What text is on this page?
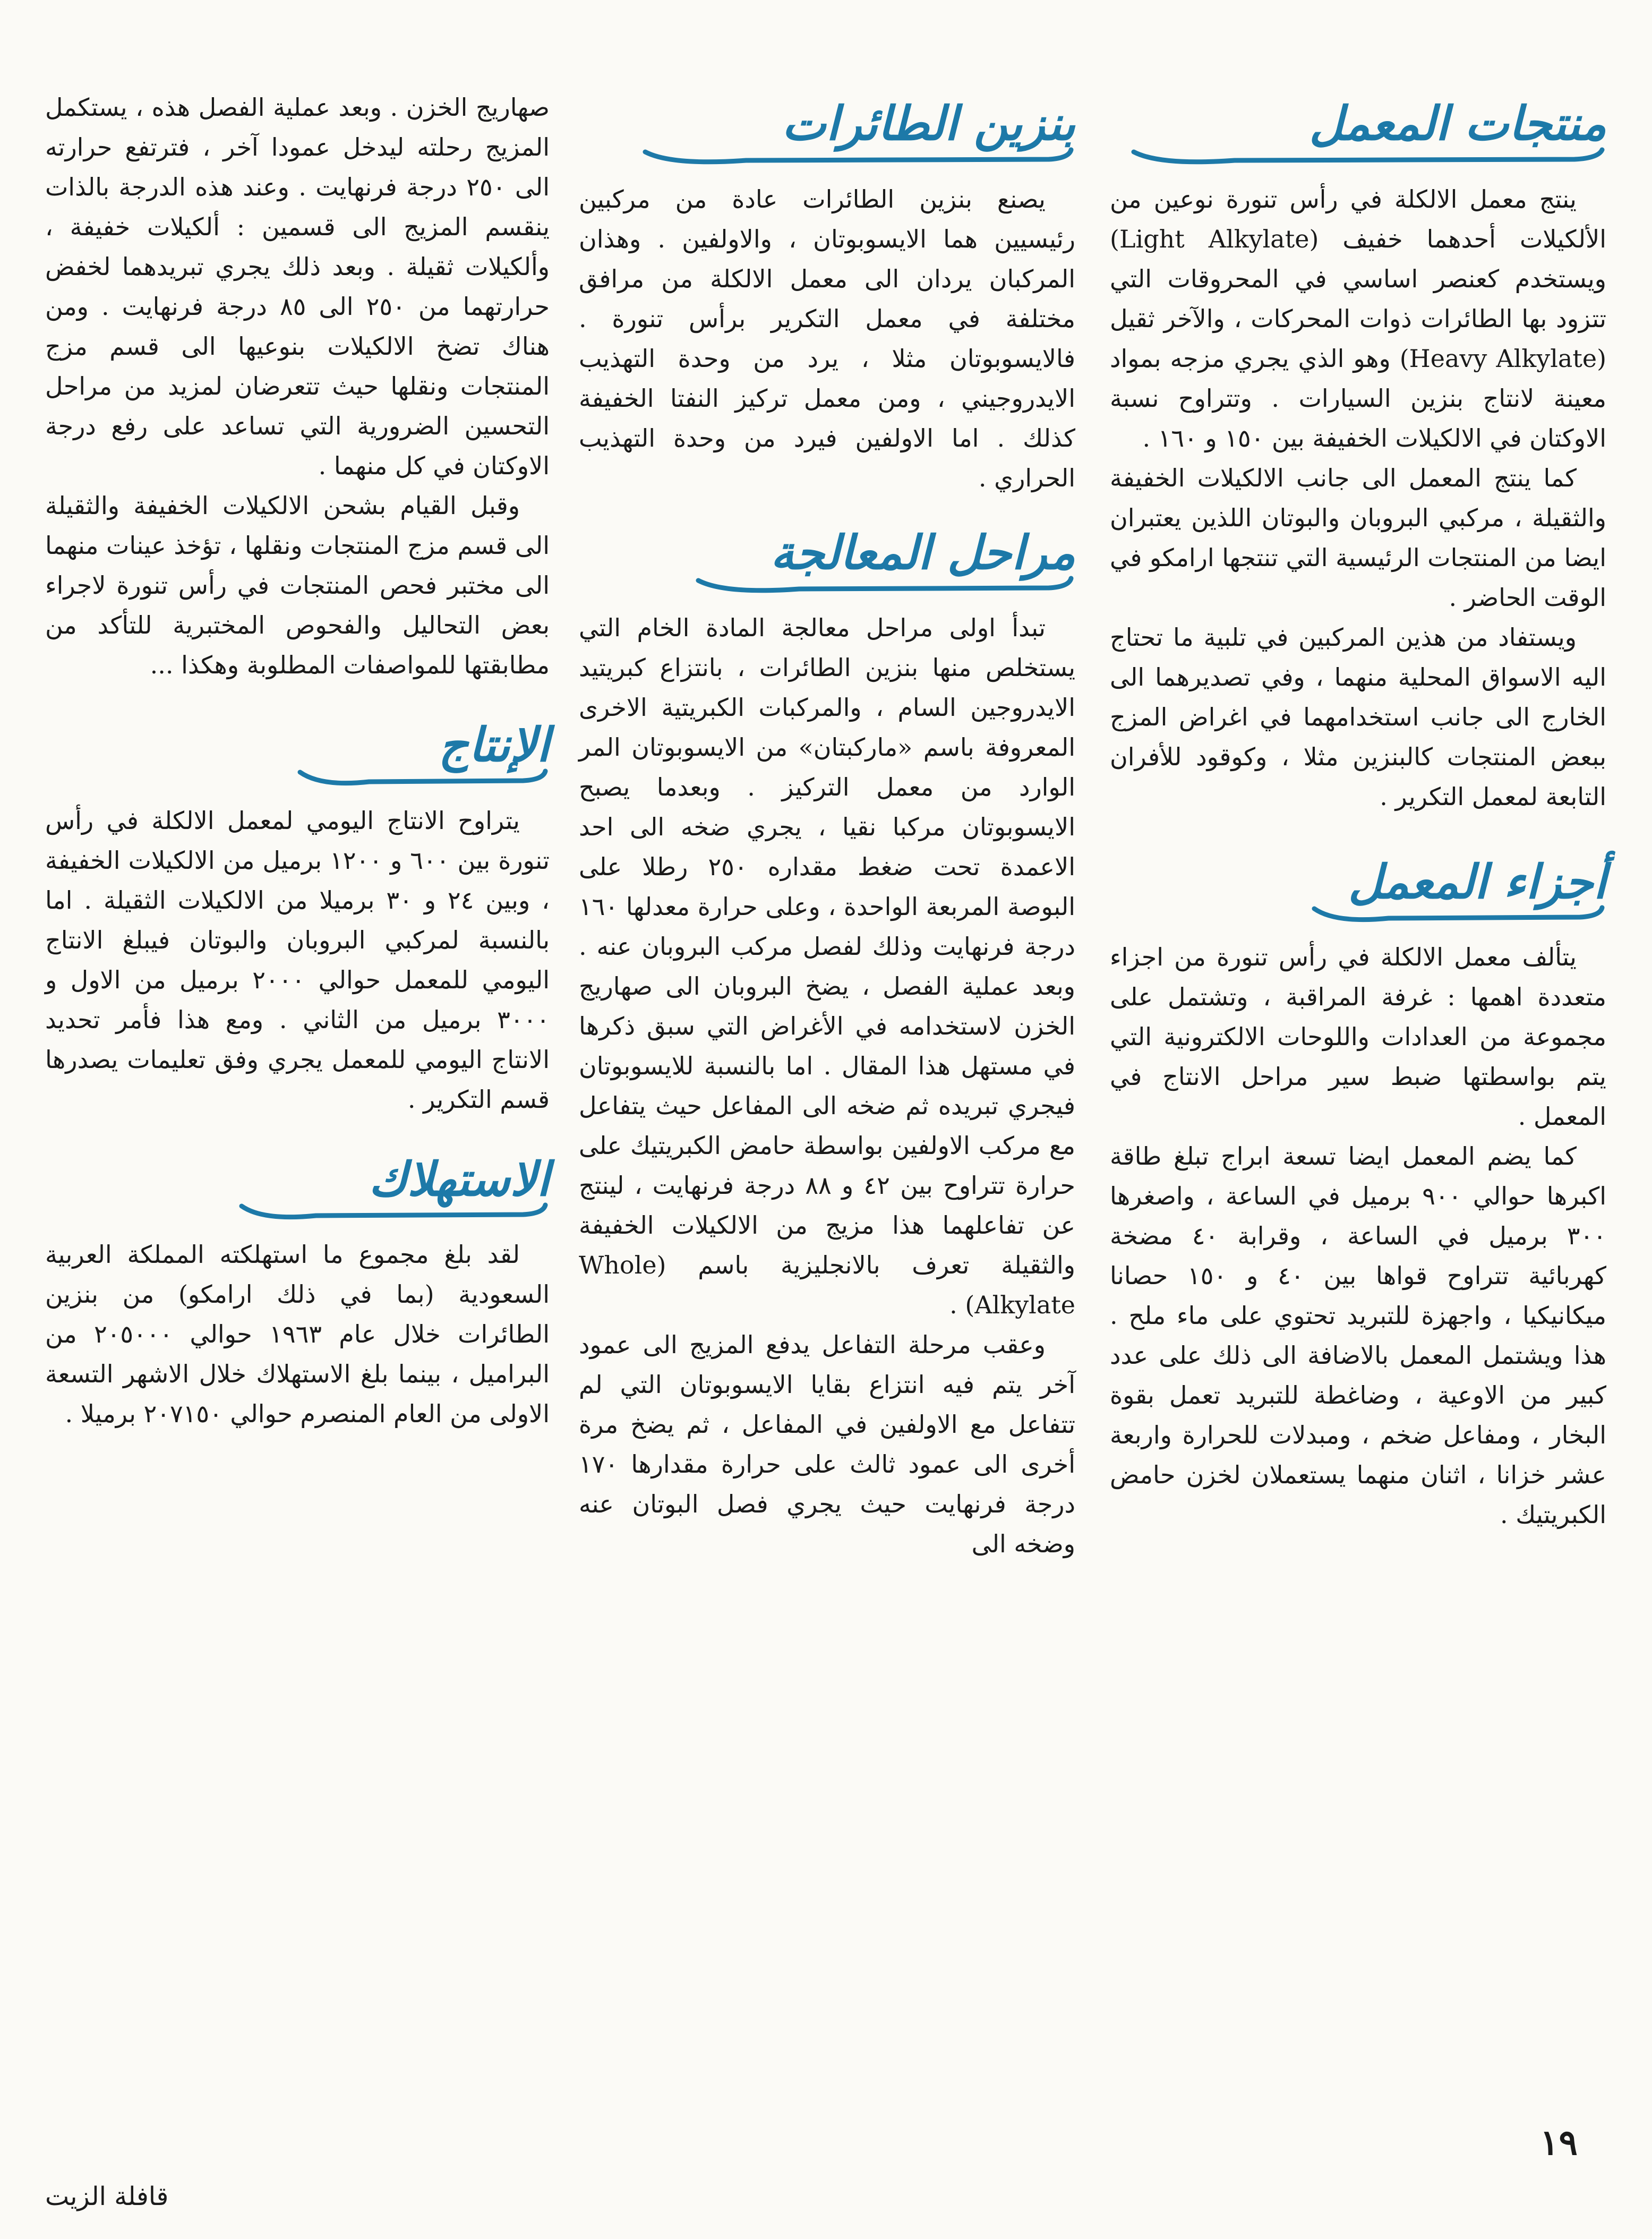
منتجات المعمل

ينتج معمل الالكلة في رأس تنورة نوعين من الألكيلات أحدهما خفيف (Light Alkylate) ويستخدم كعنصر اساسي في المحروقات التي تتزود بها الطائرات ذوات المحركات ، والآخر ثقيل (Heavy Alkylate) وهو الذي يجري مزجه بمواد معينة لانتاج بنزين السيارات . وتتراوح نسبة الاوكتان في الالكيلات الخفيفة بين ١٥٠ و ١٦٠ .

كما ينتج المعمل الى جانب الالكيلات الخفيفة والثقيلة ، مركبي البروبان والبوتان اللذين يعتبران ايضا من المنتجات الرئيسية التي تنتجها ارامكو في الوقت الحاضر .

ويستفاد من هذين المركبين في تلبية ما تحتاج اليه الاسواق المحلية منهما ، وفي تصديرهما الى الخارج الى جانب استخدامهما في اغراض المزج ببعض المنتجات كالبنزين مثلا ، وكوقود للأفران التابعة لمعمل التكرير .

أجزاء المعمل

يتألف معمل الالكلة في رأس تنورة من اجزاء متعددة اهمها : غرفة المراقبة ، وتشتمل على مجموعة من العدادات واللوحات الالكترونية التي يتم بواسطتها ضبط سير مراحل الانتاج في المعمل .

كما يضم المعمل ايضا تسعة ابراج تبلغ طاقة اكبرها حوالي ٩٠٠ برميل في الساعة ، واصغرها ٣٠٠ برميل في الساعة ، وقرابة ٤٠ مضخة كهربائية تتراوح قواها بين ٤٠ و ١٥٠ حصانا ميكانيكيا ، واجهزة للتبريد تحتوي على ماء ملح . هذا ويشتمل المعمل بالاضافة الى ذلك على عدد كبير من الاوعية ، وضاغطة للتبريد تعمل بقوة البخار ، ومفاعل ضخم ، ومبدلات للحرارة واربعة عشر خزانا ، اثنان منهما يستعملان لخزن حامض الكبريتيك .

بنزين الطائرات

يصنع بنزين الطائرات عادة من مركبين رئيسيين هما الايسوبوتان ، والاولفين . وهذان المركبان يردان الى معمل الالكلة من مرافق مختلفة في معمل التكرير برأس تنورة . فالايسوبوتان مثلا ، يرد من وحدة التهذيب الايدروجيني ، ومن معمل تركيز النفتا الخفيفة كذلك . اما الاولفين فيرد من وحدة التهذيب الحراري .

مراحل المعالجة

تبدأ اولى مراحل معالجة المادة الخام التي يستخلص منها بنزين الطائرات ، بانتزاع كبريتيد الايدروجين السام ، والمركبات الكبريتية الاخرى المعروفة باسم «ماركبتان» من الايسوبوتان المر الوارد من معمل التركيز . وبعدما يصبح الايسوبوتان مركبا نقيا ، يجري ضخه الى احد الاعمدة تحت ضغط مقداره ٢٥٠ رطلا على البوصة المربعة الواحدة ، وعلى حرارة معدلها ١٦٠ درجة فرنهايت وذلك لفصل مركب البروبان عنه . وبعد عملية الفصل ، يضخ البروبان الى صهاريج الخزن لاستخدامه في الأغراض التي سبق ذكرها في مستهل هذا المقال . اما بالنسبة للايسوبوتان فيجري تبريده ثم ضخه الى المفاعل حيث يتفاعل مع مركب الاولفين بواسطة حامض الكبريتيك على حرارة تتراوح بين ٤٢ و ٨٨ درجة فرنهايت ، لينتج عن تفاعلهما هذا مزيج من الالكيلات الخفيفة والثقيلة تعرف بالانجليزية باسم (Whole Alkylate) .

وعقب مرحلة التفاعل يدفع المزيج الى عمود آخر يتم فيه انتزاع بقايا الايسوبوتان التي لم تتفاعل مع الاولفين في المفاعل ، ثم يضخ مرة أخرى الى عمود ثالث على حرارة مقدارها ١٧٠ درجة فرنهايت حيث يجري فصل البوتان عنه وضخه الى

صهاريج الخزن . وبعد عملية الفصل هذه ، يستكمل المزيج رحلته ليدخل عمودا آخر ، فترتفع حرارته الى ٢٥٠ درجة فرنهايت . وعند هذه الدرجة بالذات ينقسم المزيج الى قسمين : ألكيلات خفيفة ، وألكيلات ثقيلة . وبعد ذلك يجري تبريدهما لخفض حرارتهما من ٢٥٠ الى ٨٥ درجة فرنهايت . ومن هناك تضخ الالكيلات بنوعيها الى قسم مزج المنتجات ونقلها حيث تتعرضان لمزيد من مراحل التحسين الضرورية التي تساعد على رفع درجة الاوكتان في كل منهما .

وقبل القيام بشحن الالكيلات الخفيفة والثقيلة الى قسم مزج المنتجات ونقلها ، تؤخذ عينات منهما الى مختبر فحص المنتجات في رأس تنورة لاجراء بعض التحاليل والفحوص المختبرية للتأكد من مطابقتها للمواصفات المطلوبة وهكذا ...

الإنتاج

يتراوح الانتاج اليومي لمعمل الالكلة في رأس تنورة بين ٦٠٠ و ١٢٠٠ برميل من الالكيلات الخفيفة ، وبين ٢٤ و ٣٠ برميلا من الالكيلات الثقيلة . اما بالنسبة لمركبي البروبان والبوتان فيبلغ الانتاج اليومي للمعمل حوالي ٢٠٠٠ برميل من الاول و ٣٠٠٠ برميل من الثاني . ومع هذا فأمر تحديد الانتاج اليومي للمعمل يجري وفق تعليمات يصدرها قسم التكرير .

الاستهلاك

لقد بلغ مجموع ما استهلكته المملكة العربية السعودية (بما في ذلك ارامكو) من بنزين الطائرات خلال عام ١٩٦٣ حوالي ٢٠٥٠٠٠ من البراميل ، بينما بلغ الاستهلاك خلال الاشهر التسعة الاولى من العام المنصرم حوالي ٢٠٧١٥٠ برميلا .

١٩
قافلة الزيت
